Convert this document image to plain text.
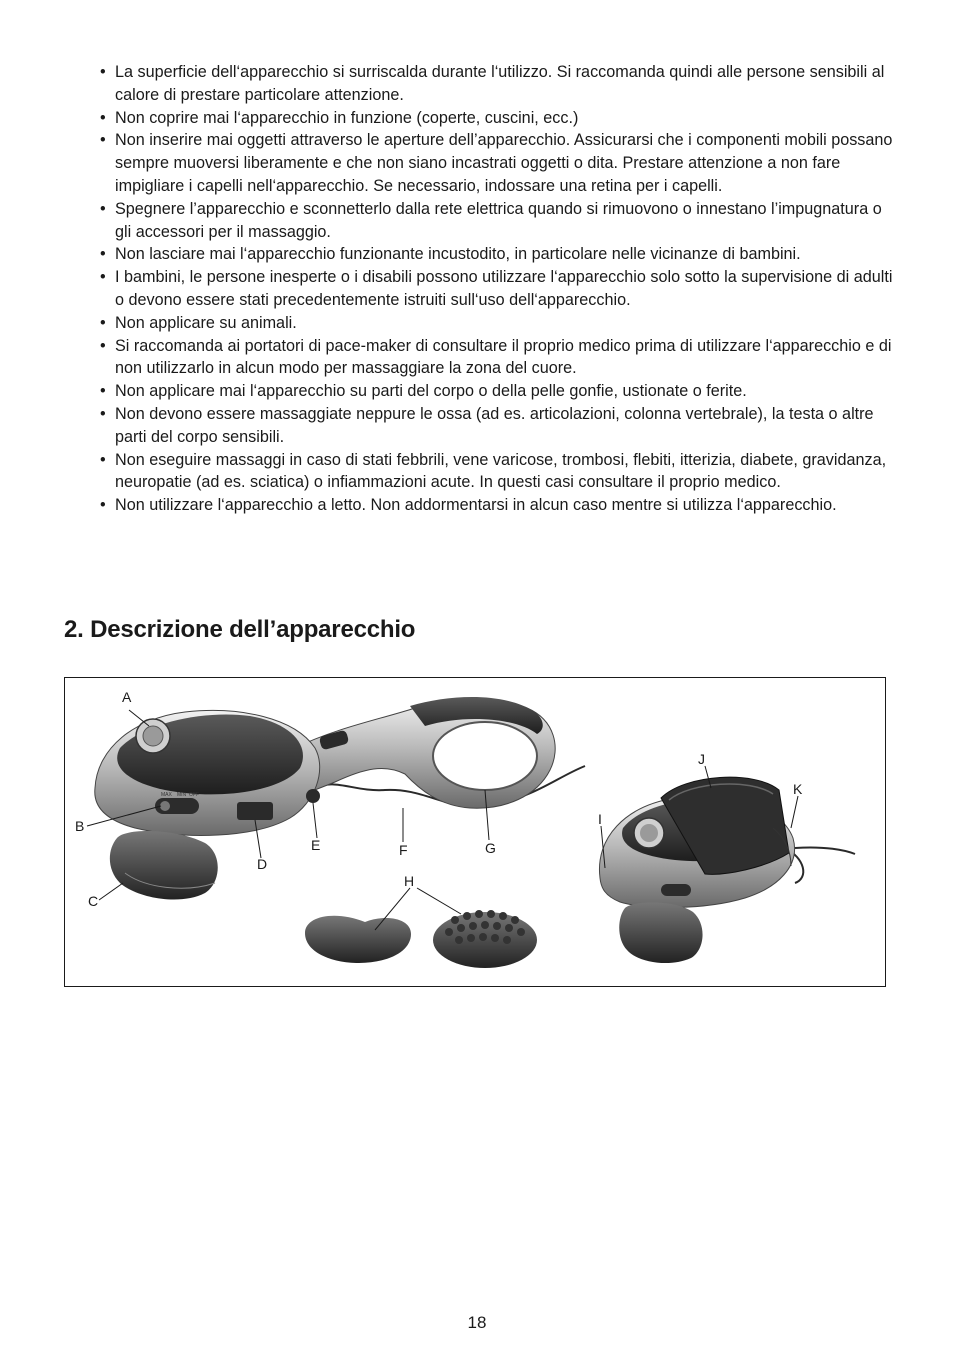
• La superficie dell‘apparecchio si surriscalda durante l‘utilizzo. Si raccomanda quindi alle persone sensibili al calore di prestare particolare attenzione.
• Non coprire mai l‘apparecchio in funzione (coperte, cuscini, ecc.)
• Non inserire mai oggetti attraverso le aperture dell’apparecchio. Assicurarsi che i componenti mobili possano sempre muoversi liberamente e che non siano incastrati oggetti o dita. Prestare attenzione a non fare impigliare i capelli nell‘apparecchio. Se necessario, indossare una retina per i capelli.
• Spegnere l’apparecchio e sconnetterlo dalla rete elettrica quando si rimuovono o innestano l’impugnatura o gli accessori per il massaggio.
• Non lasciare mai l‘apparecchio funzionante incustodito, in particolare nelle vicinanze di bambini.
• I bambini, le persone inesperte o i disabili possono utilizzare l‘apparecchio solo sotto la supervisione di adulti o devono essere stati precedentemente istruiti sull‘uso dell‘apparecchio.
• Non applicare su animali.
• Si raccomanda ai portatori di pace-maker di consultare il proprio medico prima di utilizzare l‘apparecchio e di non utilizzarlo in alcun modo per massaggiare la zona del cuore.
• Non applicare mai l‘apparecchio su parti del corpo o della pelle gonfie, ustionate o ferite.
• Non devono essere massaggiate neppure le ossa (ad es. articolazioni, colonna vertebrale), la testa o altre parti del corpo sensibili.
• Non eseguire massaggi in caso di stati febbrili, vene varicose, trombosi, flebiti, itterizia, diabete, gravidanza, neuropatie (ad es. sciatica) o infiammazioni acute. In questi casi consultare il proprio medico.
• Non utilizzare l‘apparecchio a letto. Non addormentarsi in alcun caso mentre si utilizza l‘apparecchio.
2. Descrizione dell’apparecchio
MAX MIN OFF
A
B
C
D
E	F	G
H
I
J
K
18
